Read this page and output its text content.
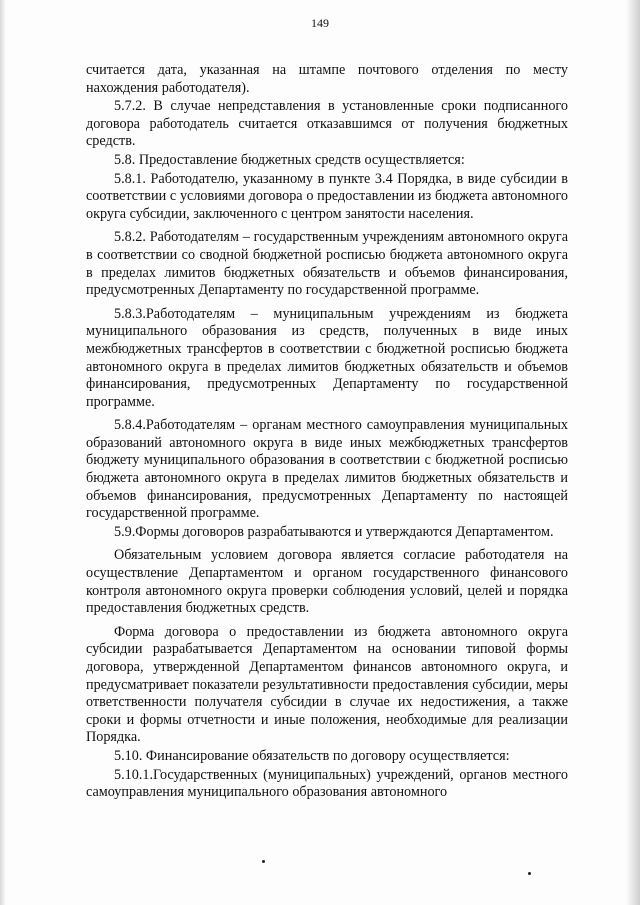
149

считается дата, указанная на штампе почтового отделения по месту нахождения работодателя).

5.7.2. В случае непредставления в установленные сроки подписанного договора работодатель считается отказавшимся от получения бюджетных средств.

5.8. Предоставление бюджетных средств осуществляется:

5.8.1. Работодателю, указанному в пункте 3.4 Порядка, в виде субсидии в соответствии с условиями договора о предоставлении из бюджета автономного округа субсидии, заключенного с центром занятости населения.

5.8.2. Работодателям – государственным учреждениям автономного округа в соответствии со сводной бюджетной росписью бюджета автономного округа в пределах лимитов бюджетных обязательств и объемов финансирования, предусмотренных Департаменту по государственной программе.

5.8.3.Работодателям – муниципальным учреждениям из бюджета муниципального образования из средств, полученных в виде иных межбюджетных трансфертов в соответствии с бюджетной росписью бюджета автономного округа в пределах лимитов бюджетных обязательств и объемов финансирования, предусмотренных Департаменту по государственной программе.

5.8.4.Работодателям – органам местного самоуправления муниципальных образований автономного округа в виде иных межбюджетных трансфертов бюджету муниципального образования в соответствии с бюджетной росписью бюджета автономного округа в пределах лимитов бюджетных обязательств и объемов финансирования, предусмотренных Департаменту по настоящей государственной программе.

5.9.Формы договоров разрабатываются и утверждаются Департаментом.

Обязательным условием договора является согласие работодателя на осуществление Департаментом и органом государственного финансового контроля автономного округа проверки соблюдения условий, целей и порядка предоставления бюджетных средств.

Форма договора о предоставлении из бюджета автономного округа субсидии разрабатывается Департаментом на основании типовой формы договора, утвержденной Департаментом финансов автономного округа, и предусматривает показатели результативности предоставления субсидии, меры ответственности получателя субсидии в случае их недостижения, а также сроки и формы отчетности и иные положения, необходимые для реализации Порядка.

5.10. Финансирование обязательств по договору осуществляется:

5.10.1.Государственных (муниципальных) учреждений, органов местного самоуправления муниципального образования автономного
